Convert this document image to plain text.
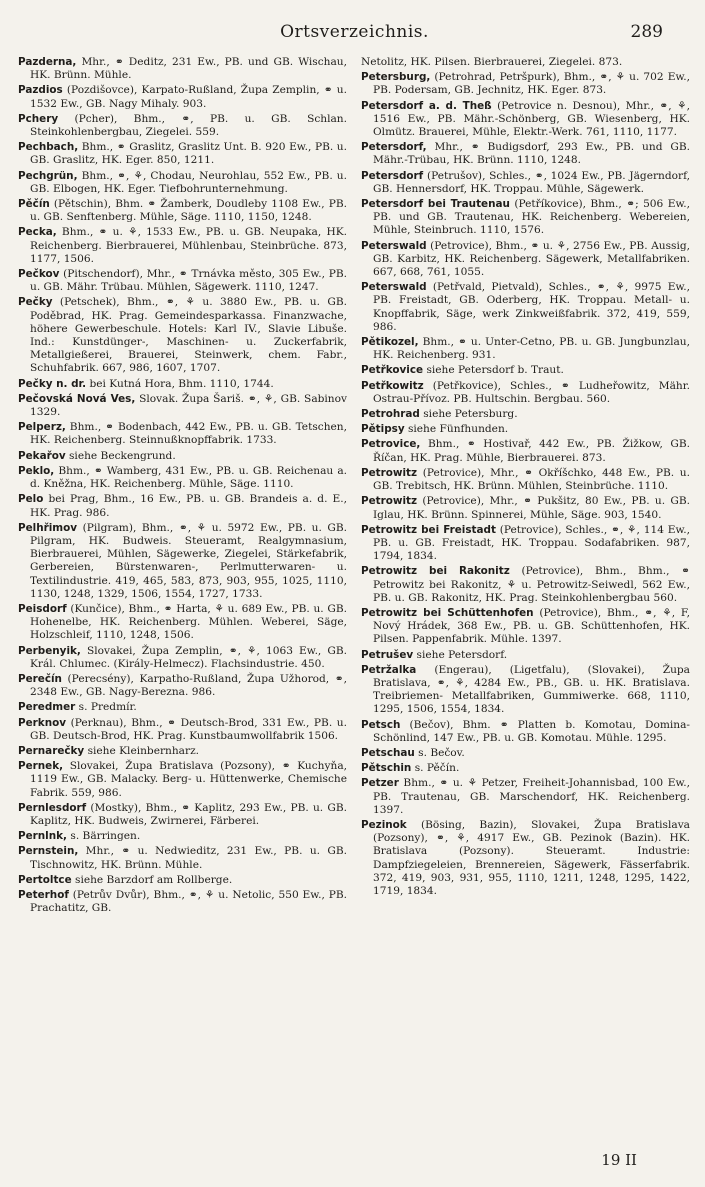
Ortsverzeichnis.	289

Pazderna, Mhr., ⚭ Deditz, 231 Ew., PB. und GB. Wischau, HK. Brünn. Mühle.

Pazdios (Pozdišovce), Karpato-Rußland, Župa Zemplin, ⚭ u. 1532 Ew., GB. Nagy Mihaly. 903.

Pchery (Pcher), Bhm., ⚭, PB. u. GB. Schlan. Steinkohlenbergbau, Ziegelei. 559.

Pechbach, Bhm., ⚭ Graslitz, Graslitz Unt. B. 920 Ew., PB. u. GB. Graslitz, HK. Eger. 850, 1211.

Pechgrün, Bhm., ⚭, ⚘, Chodau, Neurohlau, 552 Ew., PB. u. GB. Elbogen, HK. Eger. Tiefbohrunternehmung.

Pěčín (Pětschin), Bhm. ⚭ Žamberk, Doudleby 1108 Ew., PB. u. GB. Senftenberg. Mühle, Säge. 1110, 1150, 1248.

Pecka, Bhm., ⚭ u. ⚘, 1533 Ew., PB. u. GB. Neupaka, HK. Reichenberg. Bierbrauerei, Mühlenbau, Steinbrüche. 873, 1177, 1506.

Pečkov (Pitschendorf), Mhr., ⚭ Trnávka město, 305 Ew., PB. u. GB. Mähr. Trübau. Mühlen, Sägewerk. 1110, 1247.

Pečky (Petschek), Bhm., ⚭, ⚘ u. 3880 Ew., PB. u. GB. Poděbrad, HK. Prag. Gemeindesparkassa. Finanzwache, höhere Gewerbeschule. Hotels: Karl IV., Slavie Libuše. Ind.: Kunstdünger-, Maschinen- u. Zuckerfabrik, Metallgießerei, Brauerei, Steinwerk, chem. Fabr., Schuhfabrik. 667, 986, 1607, 1707.

Pečky n. dr. bei Kutná Hora, Bhm. 1110, 1744.

Pečovská Nová Ves, Slovak. Župa Šariš. ⚭, ⚘, GB. Sabinov 1329.

Pelperz, Bhm., ⚭ Bodenbach, 442 Ew., PB. u. GB. Tetschen, HK. Reichenberg. Steinnußknopffabrik. 1733.

Pekařov siehe Beckengrund.

Peklo, Bhm., ⚭ Wamberg, 431 Ew., PB. u. GB. Reichenau a. d. Kněžna, HK. Reichenberg. Mühle, Säge. 1110.

Pelo bei Prag, Bhm., 16 Ew., PB. u. GB. Brandeis a. d. E., HK. Prag. 986.

Pelhřimov (Pilgram), Bhm., ⚭, ⚘ u. 5972 Ew., PB. u. GB. Pilgram, HK. Budweis. Steueramt, Realgymnasium, Bierbrauerei, Mühlen, Sägewerke, Ziegelei, Stärkefabrik, Gerbereien, Bürstenwaren-, Perlmutterwaren- u. Textilindustrie. 419, 465, 583, 873, 903, 955, 1025, 1110, 1130, 1248, 1329, 1506, 1554, 1727, 1733.

Peisdorf (Kunčice), Bhm., ⚭ Harta, ⚘ u. 689 Ew., PB. u. GB. Hohenelbe, HK. Reichenberg. Mühlen. Weberei, Säge, Holzschleif, 1110, 1248, 1506.

Perbenyik, Slovakei, Župa Zemplin, ⚭, ⚘, 1063 Ew., GB. Král. Chlumec. (Király-Helmecz). Flachsindustrie. 450.

Perečín (Perecsény), Karpatho-Rußland, Župa Užhorod, ⚭, 2348 Ew., GB. Nagy-Berezna. 986.

Peredmer s. Predmír.

Perknov (Perknau), Bhm., ⚭ Deutsch-Brod, 331 Ew., PB. u. GB. Deutsch-Brod, HK. Prag. Kunstbaumwollfabrik 1506.

Pernarečky siehe Kleinbernharz.

Pernek, Slovakei, Župa Bratislava (Pozsony), ⚭ Kuchyňa, 1119 Ew., GB. Malacky. Berg- u. Hüttenwerke, Chemische Fabrik. 559, 986.

Pernlesdorf (Mostky), Bhm., ⚭ Kaplitz, 293 Ew., PB. u. GB. Kaplitz, HK. Budweis, Zwirnerei, Färberei.

Pernlnk, s. Bärringen.

Pernstein, Mhr., ⚭ u. Nedwieditz, 231 Ew., PB. u. GB. Tischnowitz, HK. Brünn. Mühle.

Pertoltce siehe Barzdorf am Rollberge.

Peterhof (Petrův Dvůr), Bhm., ⚭, ⚘ u. Netolic, 550 Ew., PB. Prachatitz, GB.

Netolitz, HK. Pilsen. Bierbrauerei, Ziegelei. 873.

Petersburg, (Petrohrad, Petršpurk), Bhm., ⚭, ⚘ u. 702 Ew., PB. Podersam, GB. Jechnitz, HK. Eger. 873.

Petersdorf a. d. Theß (Petrovice n. Desnou), Mhr., ⚭, ⚘, 1516 Ew., PB. Mähr.-Schönberg, GB. Wiesenberg, HK. Olmütz. Brauerei, Mühle, Elektr.-Werk. 761, 1110, 1177.

Petersdorf, Mhr., ⚭ Budigsdorf, 293 Ew., PB. und GB. Mähr.-Trübau, HK. Brünn. 1110, 1248.

Petersdorf (Petrušov), Schles., ⚭, 1024 Ew., PB. Jägerndorf, GB. Hennersdorf, HK. Troppau. Mühle, Sägewerk.

Petersdorf bei Trautenau (Petříkovice), Bhm., ⚭; 506 Ew., PB. und GB. Trautenau, HK. Reichenberg. Webereien, Mühle, Steinbruch. 1110, 1576.

Peterswald (Petrovice), Bhm., ⚭ u. ⚘, 2756 Ew., PB. Aussig, GB. Karbitz, HK. Reichenberg. Sägewerk, Metallfabriken. 667, 668, 761, 1055.

Peterswald (Petřvald, Pietvald), Schles., ⚭, ⚘, 9975 Ew., PB. Freistadt, GB. Oderberg, HK. Troppau. Metall- u. Knopffabrik, Säge, werk Zinkweißfabrik. 372, 419, 559, 986.

Pětikozel, Bhm., ⚭ u. Unter-Cetno, PB. u. GB. Jungbunzlau, HK. Reichenberg. 931.

Petřkovice siehe Petersdorf b. Traut.

Petřkowitz (Petřkovice), Schles., ⚭ Ludheřowitz, Mähr. Ostrau-Přívoz. PB. Hultschin. Bergbau. 560.

Petrohrad siehe Petersburg.

Pětipsy siehe Fünfhunden.

Petrovice, Bhm., ⚭ Hostivař, 442 Ew., PB. Žižkow, GB. Říčan, HK. Prag. Mühle, Bierbrauerei. 873.

Petrowitz (Petrovice), Mhr., ⚭ Okříšchko, 448 Ew., PB. u. GB. Trebitsch, HK. Brünn. Mühlen, Steinbrüche. 1110.

Petrowitz (Petrovice), Mhr., ⚭ Pukšitz, 80 Ew., PB. u. GB. Iglau, HK. Brünn. Spinnerei, Mühle, Säge. 903, 1540.

Petrowitz bei Freistadt (Petrovice), Schles., ⚭, ⚘, 114 Ew., PB. u. GB. Freistadt, HK. Troppau. Sodafabriken. 987, 1794, 1834.

Petrowitz bei Rakonitz (Petrovice), Bhm., Bhm., ⚭ Petrowitz bei Rakonitz, ⚘ u. Petrowitz-Seiwedl, 562 Ew., PB. u. GB. Rakonitz, HK. Prag. Steinkohlenbergbau 560.

Petrowitz bei Schüttenhofen (Petrovice), Bhm., ⚭, ⚘, F, Nový Hrádek, 368 Ew., PB. u. GB. Schüttenhofen, HK. Pilsen. Pappenfabrik. Mühle. 1397.

Petrušev siehe Petersdorf.

Petržalka (Engerau), (Ligetfalu), (Slovakei), Župa Bratislava, ⚭, ⚘, 4284 Ew., PB., GB. u. HK. Bratislava. Treibriemen- Metallfabriken, Gummiwerke. 668, 1110, 1295, 1506, 1554, 1834.

Petsch (Bečov), Bhm. ⚭ Platten b. Komotau, Domina-Schönlind, 147 Ew., PB. u. GB. Komotau. Mühle. 1295.

Petschau s. Bečov.

Pětschin s. Pěčín.

Petzer Bhm., ⚭ u. ⚘ Petzer, Freiheit-Johannisbad, 100 Ew., PB. Trautenau, GB. Marschendorf, HK. Reichenberg. 1397.

Pezinok (Bösing, Bazin), Slovakei, Župa Bratislava (Pozsony), ⚭, ⚘, 4917 Ew., GB. Pezinok (Bazin). HK. Bratislava (Pozsony). Steueramt. Industrie: Dampfziegeleien, Brennereien, Sägewerk, Fässerfabrik. 372, 419, 903, 931, 955, 1110, 1211, 1248, 1295, 1422, 1719, 1834.

19 II
